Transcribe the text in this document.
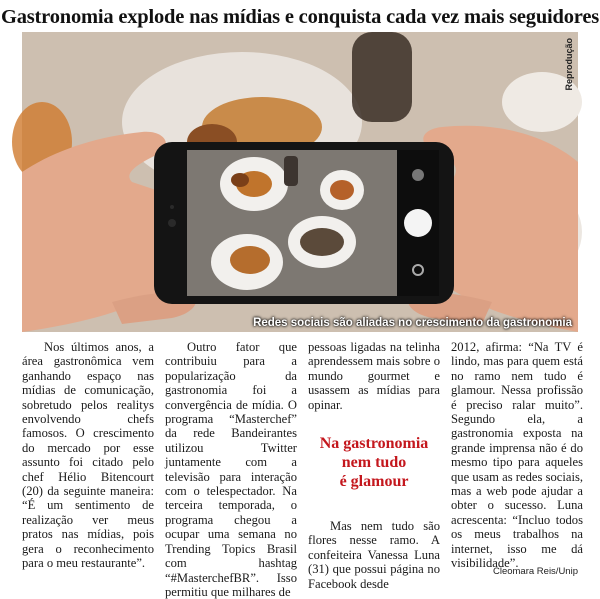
Gastronomia explode nas mídias e conquista cada vez mais seguidores
Reprodução
Redes sociais são aliadas no crescimento da gastronomia

Nos últimos anos, a área gastronômica vem ganhando espaço nas mídias de comunicação, sobretudo pelos realitys envolvendo chefs famosos. O crescimento do mercado por esse assunto foi citado pelo chef Hélio Bitencourt (20) da seguinte maneira: “É um sentimento de realização ver meus pratos nas mídias, pois gera o reconhecimento para o meu restaurante”.

Outro fator que contribuiu para a popularização da gastronomia foi a convergência de mídia. O programa “Masterchef” da rede Bandeirantes utilizou Twitter juntamente com a televisão para interação com o telespectador. Na terceira temporada, o programa chegou a ocupar uma semana no Trending Topics Brasil com hashtag “#MasterchefBR”. Isso permitiu que milhares de

pessoas ligadas na telinha aprendessem mais sobre o mundo gourmet e usassem as mídias para opinar.

Na gastronomia
nem tudo
é glamour

Mas nem tudo são flores nesse ramo. A confeiteira Vanessa Luna (31) que possui página no Facebook desde

2012, afirma: “Na TV é lindo, mas para quem está no ramo nem tudo é glamour. Nessa profissão é preciso ralar muito”. Segundo ela, a gastronomia exposta na grande imprensa não é do mesmo tipo para aqueles que usam as redes sociais, mas a web pode ajudar a obter o sucesso. Luna acrescenta: “Incluo todos os meus trabalhos na internet, isso me dá visibilidade”.

Cleomara Reis/Unip
